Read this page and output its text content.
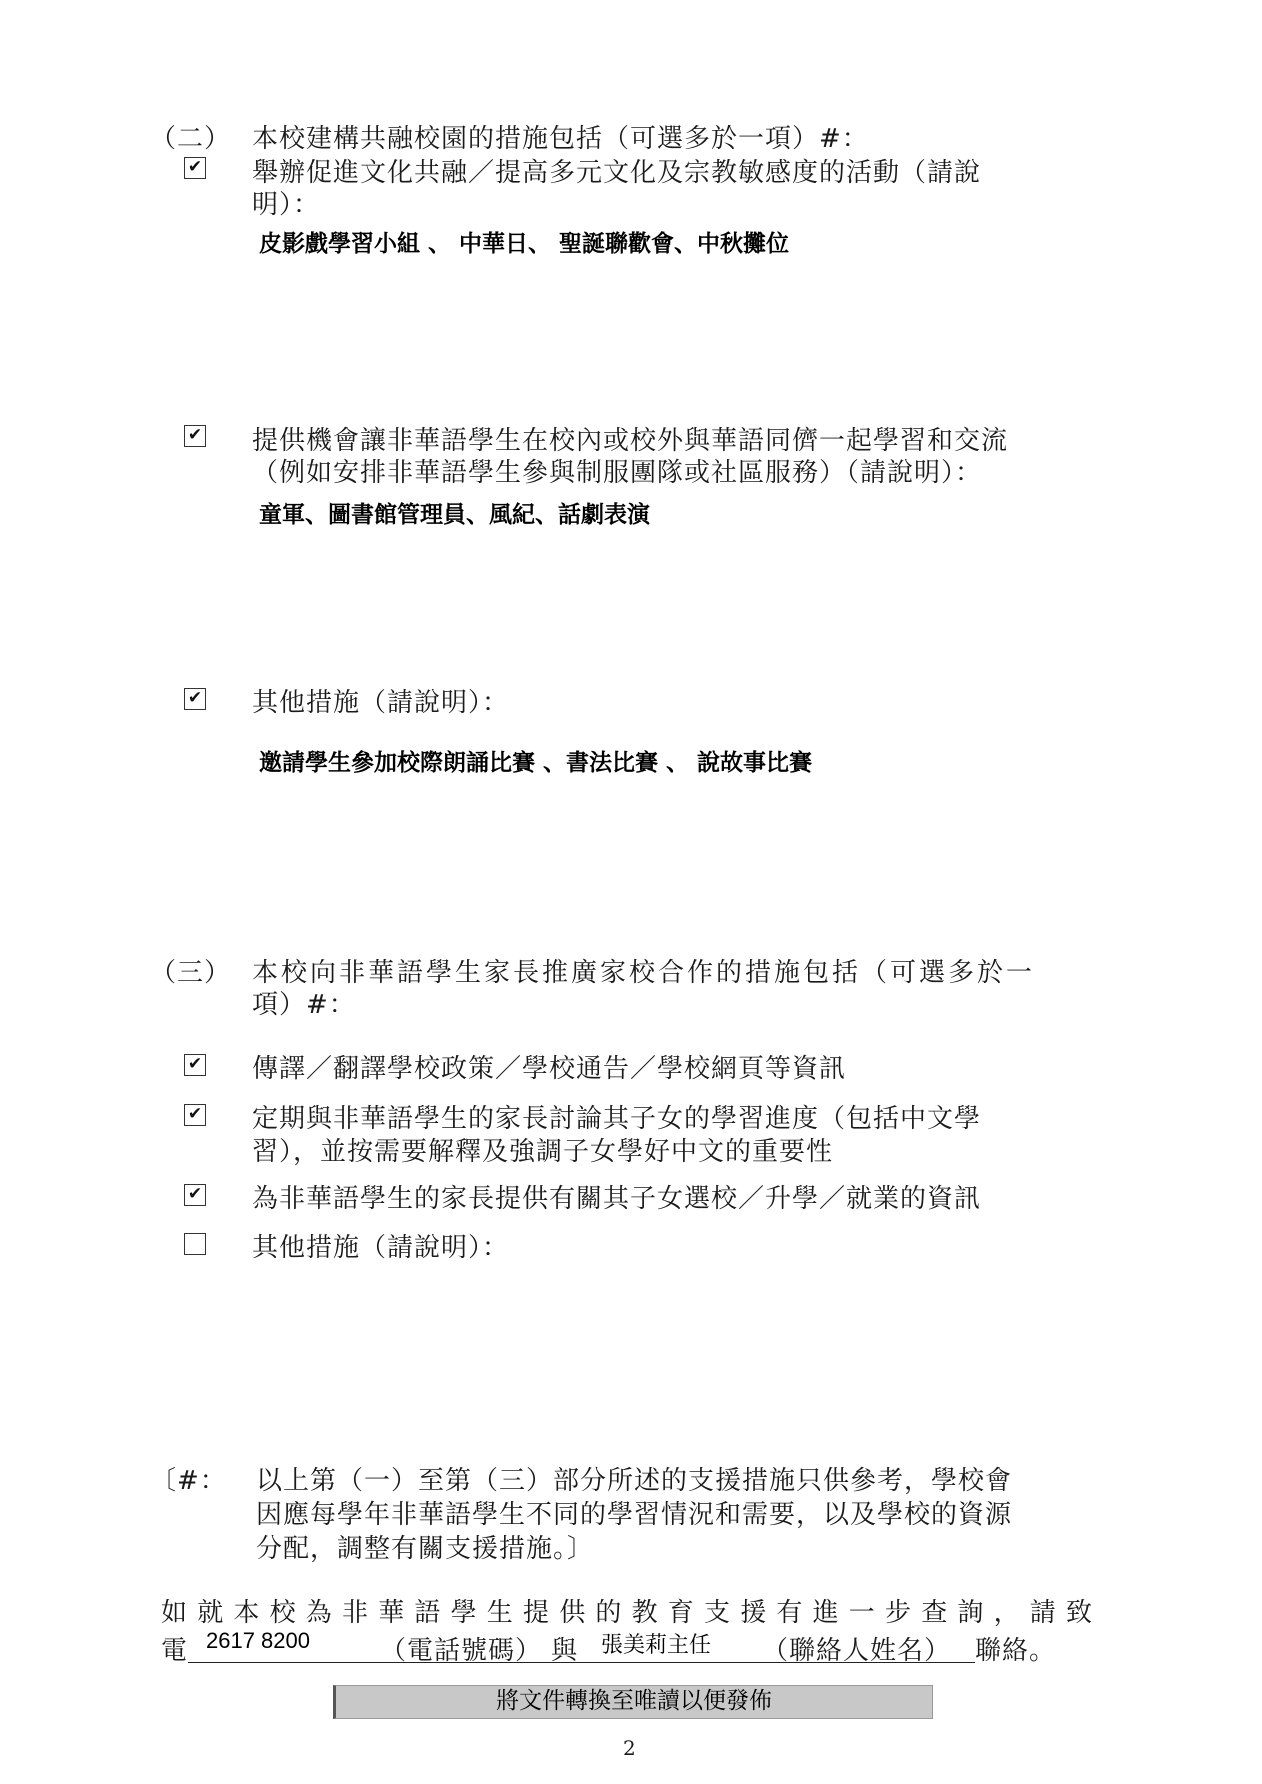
（二） 本校建構共融校園的措施包括（可選多於一項）#：
✔ 舉辦促進文化共融／提高多元文化及宗教敏感度的活動（請說
明）：
皮影戲學習小組 、 中華日、 聖誕聯歡會、中秋攤位
✔ 提供機會讓非華語學生在校內或校外與華語同儕一起學習和交流
（例如安排非華語學生參與制服團隊或社區服務）（請說明）：
童軍、圖書館管理員、風紀、話劇表演
✔ 其他措施（請說明）：
邀請學生參加校際朗誦比賽 、書法比賽 、 說故事比賽
（三） 本校向非華語學生家長推廣家校合作的措施包括（可選多於一
項）#：
✔ 傳譯／翻譯學校政策／學校通告／學校網頁等資訊
✔ 定期與非華語學生的家長討論其子女的學習進度（包括中文學
習），並按需要解釋及強調子女學好中文的重要性
✔ 為非華語學生的家長提供有關其子女選校／升學／就業的資訊
其他措施（請說明）：
〔#： 以上第（一）至第（三）部分所述的支援措施只供參考，學校會
因應每學年非華語學生不同的學習情況和需要，以及學校的資源
分配，調整有關支援措施。〕
如就本校為非華語學生提供的教育支援有進一步查詢，請致
電 2617 8200	（電話號碼） 與 張美莉主任 （聯絡人姓名） 聯絡。
將文件轉換至唯讀以便發佈
2
